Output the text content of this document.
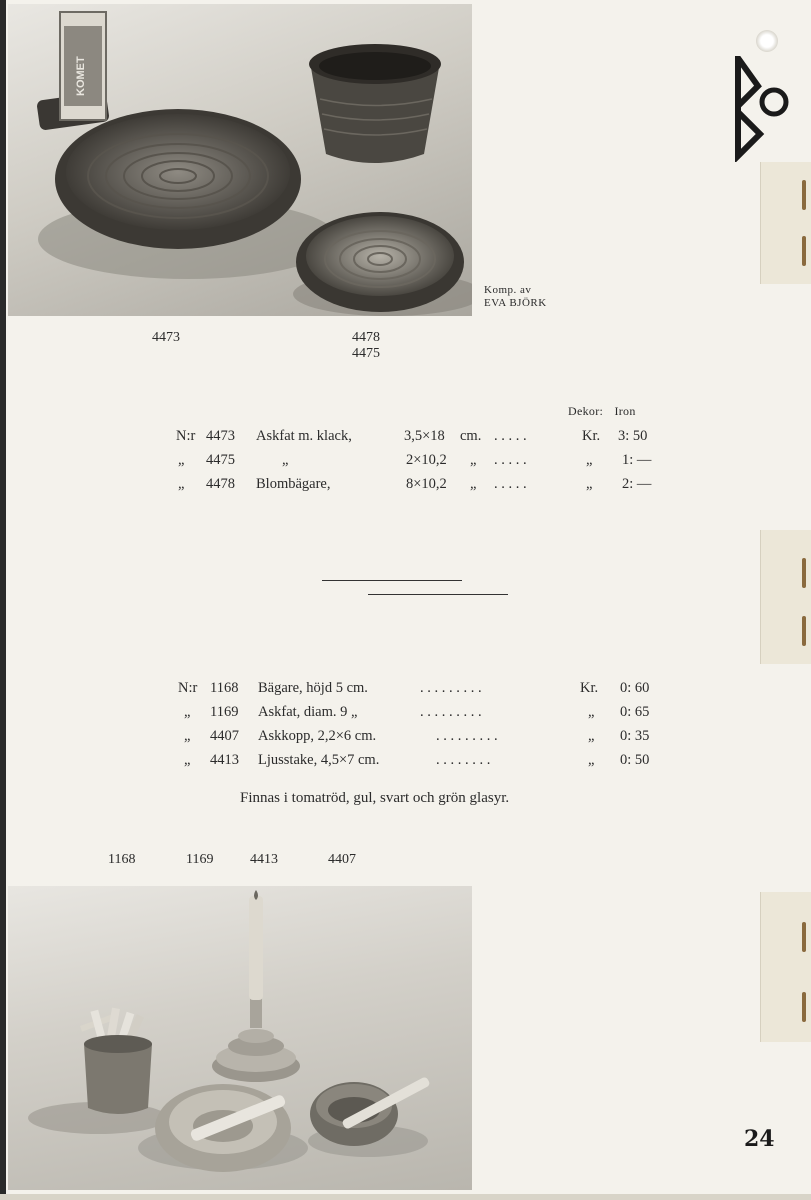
KOMET
Komp. av
EVA BJÖRK
4473	4478
4475
Dekor: Iron
N:r 4473 Askfat m. klack,	3,5×18 cm. . . . . .	Kr. 3: 50
„ 4475	„	2×10,2 „ . . . . .	„ 1: —
„ 4478 Blombägare,	8×10,2 „ . . . . .	„ 2: —
N:r 1168 Bägare, höjd 5 cm.	. . . . . . . . .	Kr. 0: 60
„ 1169 Askfat, diam. 9 „	. . . . . . . . .	„ 0: 65
„ 4407 Askkopp, 2,2×6 cm.	. . . . . . . . .	„ 0: 35
„ 4413 Ljusstake, 4,5×7 cm.	. . . . . . . .	„ 0: 50
Finnas i tomatröd, gul, svart och grön glasyr.
1168	1169	4413	4407
24
